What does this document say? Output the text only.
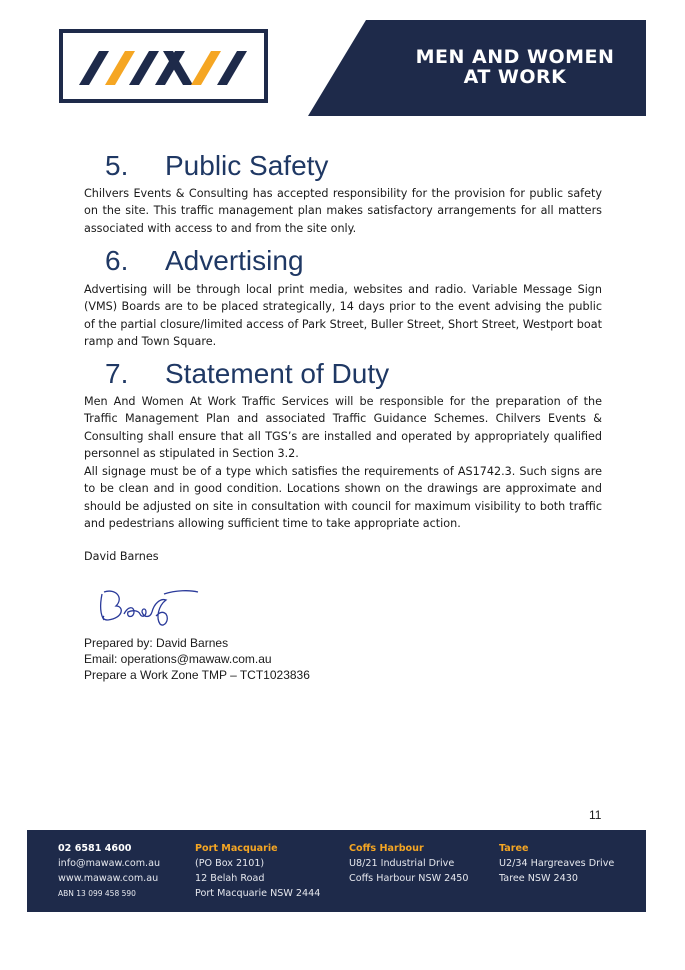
MEN AND WOMEN
AT WORK
5. Public Safety

Chilvers Events & Consulting has accepted responsibility for the provision for public safety on the site. This traffic management plan makes satisfactory arrangements for all matters associated with access to and from the site only.

6. Advertising

Advertising will be through local print media, websites and radio. Variable Message Sign (VMS) Boards are to be placed strategically, 14 days prior to the event advising the public of the partial closure/limited access of Park Street, Buller Street, Short Street, Westport boat ramp and Town Square.

7. Statement of Duty

Men And Women At Work Traffic Services will be responsible for the preparation of the Traffic Management Plan and associated Traffic Guidance Schemes. Chilvers Events & Consulting shall ensure that all TGS’s are installed and operated by appropriately qualified personnel as stipulated in Section 3.2.

All signage must be of a type which satisfies the requirements of AS1742.3. Such signs are to be clean and in good condition. Locations shown on the drawings are approximate and should be adjusted on site in consultation with council for maximum visibility to both traffic and pedestrians allowing sufficient time to take appropriate action.

David Barnes

Prepared by: David Barnes

Email: operations@mawaw.com.au

Prepare a Work Zone TMP – TCT1023836

11
02 6581 4600
info@mawaw.com.au
www.mawaw.com.au
ABN 13 099 458 590
Port Macquarie
(PO Box 2101)
12 Belah Road
Port Macquarie NSW 2444
Coffs Harbour
U8/21 Industrial Drive
Coffs Harbour NSW 2450
Taree
U2/34 Hargreaves Drive
Taree NSW 2430
